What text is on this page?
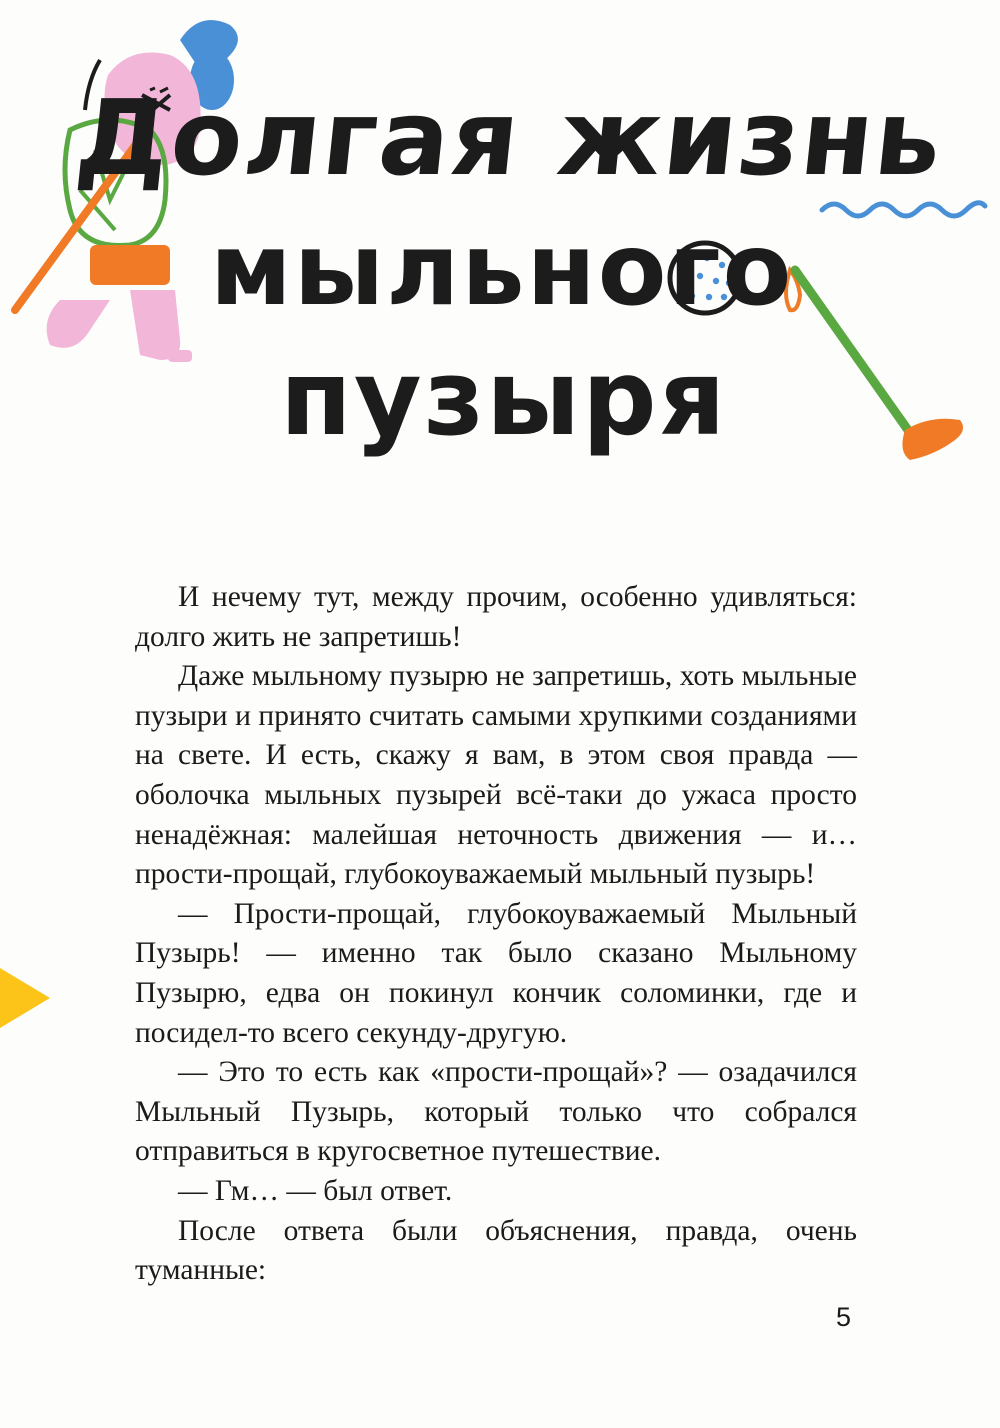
Долгая жизнь
мыльного
пузыря

И нечему тут, между прочим, особенно удивляться: долго жить не запретишь!

Даже мыльному пузырю не запретишь, хоть мыльные пузыри и принято считать самыми хрупкими созданиями на свете. И есть, скажу я вам, в этом своя правда — оболочка мыльных пузырей всё-таки до ужаса просто ненадёжная: малейшая неточность движения — и… прости-прощай, глубокоуважаемый мыльный пузырь!

— Прости-прощай, глубокоуважаемый Мыльный Пузырь! — именно так было сказано Мыльному Пузырю, едва он покинул кончик соломинки, где и посидел-то всего секунду-другую.

— Это то есть как «прости-прощай»? — озадачился Мыльный Пузырь, который только что собрался отправиться в кругосветное путешествие.

— Гм… — был ответ.

После ответа были объяснения, правда, очень туманные:

5
